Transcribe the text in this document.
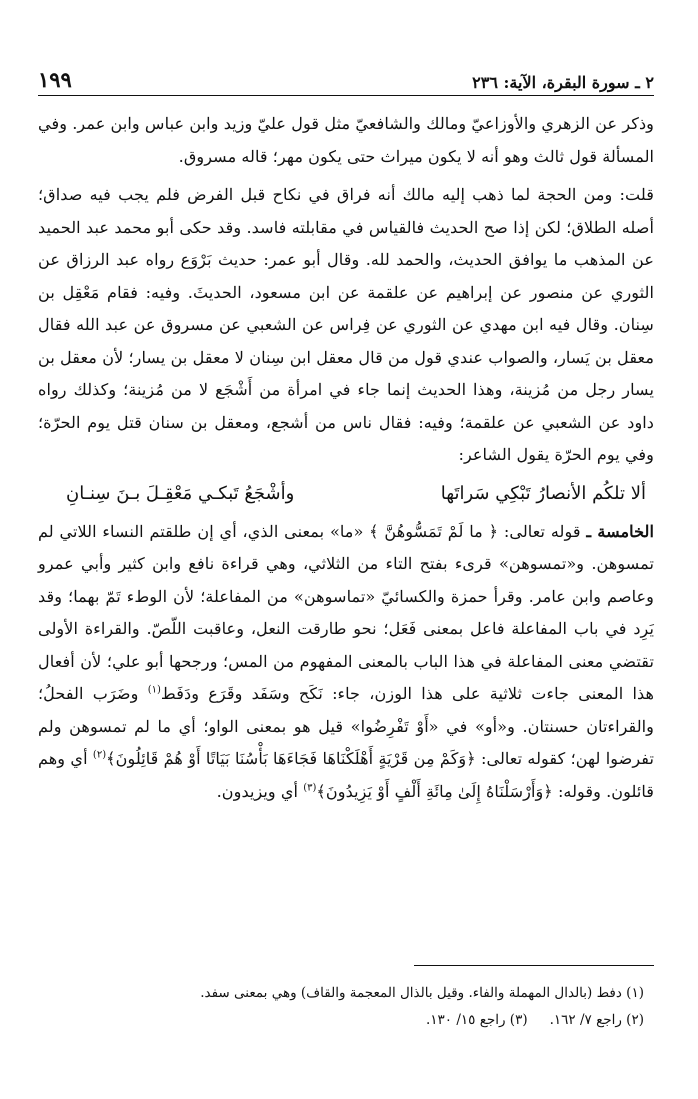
٢ ـ سورة البقرة، الآية: ٢٣٦
١٩٩

وذكر عن الزهري والأوزاعيّ ومالك والشافعيّ مثل قول عليّ وزيد وابن عباس وابن عمر. وفي المسألة قول ثالث وهو أنه لا يكون ميراث حتى يكون مهر؛ قاله مسروق.

قلت: ومن الحجة لما ذهب إليه مالك أنه فراق في نكاح قبل الفرض فلم يجب فيه صداق؛ أصله الطلاق؛ لكن إذا صح الحديث فالقياس في مقابلته فاسد. وقد حكى أبو محمد عبد الحميد عن المذهب ما يوافق الحديث، والحمد لله. وقال أبو عمر: حديث بَرْوَع رواه عبد الرزاق عن الثوري عن منصور عن إبراهيم عن علقمة عن ابن مسعود، الحديثَ. وفيه: فقام مَعْقِل بن سِنان. وقال فيه ابن مهدي عن الثوري عن فِراس عن الشعبي عن مسروق عن عبد الله فقال معقل بن يَسار، والصواب عندي قول من قال معقل ابن سِنان لا معقل بن يسار؛ لأن معقل بن يسار رجل من مُزينة، وهذا الحديث إنما جاء في امرأة من أَشْجَع لا من مُزينة؛ وكذلك رواه داود عن الشعبي عن علقمة؛ وفيه: فقال ناس من أشجع، ومعقل بن سنان قتل يوم الحرّة؛ وفي يوم الحرّة يقول الشاعر:

ألا تلكُم الأنصارُ تَبْكِي سَراتَها
وأشْجَعُ تَبكـي مَعْقِـلَ بـنَ سِنـانِ

الخامسة ـ قوله تعالى: ﴿ ما لَمْ تَمَسُّوهُنَّ ﴾ «ما» بمعنى الذي، أي إن طلقتم النساء اللاتي لم تمسوهن. و«تمسوهن» قرىء بفتح التاء من الثلاثي، وهي قراءة نافع وابن كثير وأبي عمرو وعاصم وابن عامر. وقرأ حمزة والكسائيّ «تماسوهن» من المفاعلة؛ لأن الوطء تَمّ بهما؛ وقد يَرِد في باب المفاعلة فاعل بمعنى فَعَل؛ نحو طارقت النعل، وعاقبت اللّصّ. والقراءة الأولى تقتضي معنى المفاعلة في هذا الباب بالمعنى المفهوم من المس؛ ورجحها أبو علي؛ لأن أفعال هذا المعنى جاءت ثلاثية على هذا الوزن، جاء: نَكَح وسَفَد وقَرَع ودَفَط$^{(١)}$ وضَرَب الفحلُ؛ والقراءتان حسنتان. و«أو» في «أَوْ تَفْرِضُوا» قيل هو بمعنى الواو؛ أي ما لم تمسوهن ولم تفرضوا لهن؛ كقوله تعالى: ﴿وَكَمْ مِن قَرْيَةٍ أَهْلَكْنَاهَا فَجَاءَهَا بَأْسُنَا بَيَاتًا أَوْ هُمْ قَائِلُونَ﴾$^{(٢)}$ أي وهم قائلون. وقوله: ﴿وَأَرْسَلْنَاهُ إِلَىٰ مِائَةِ أَلْفٍ أَوْ يَزِيدُونَ﴾$^{(٣)}$ أي ويزيدون.

(١) دفط (بالدال المهملة والفاء. وقيل بالذال المعجمة والقاف) وهي بمعنى سفد.
(٢) راجع ٧/ ١٦٢.(٣) راجع ١٥/ ١٣٠.
